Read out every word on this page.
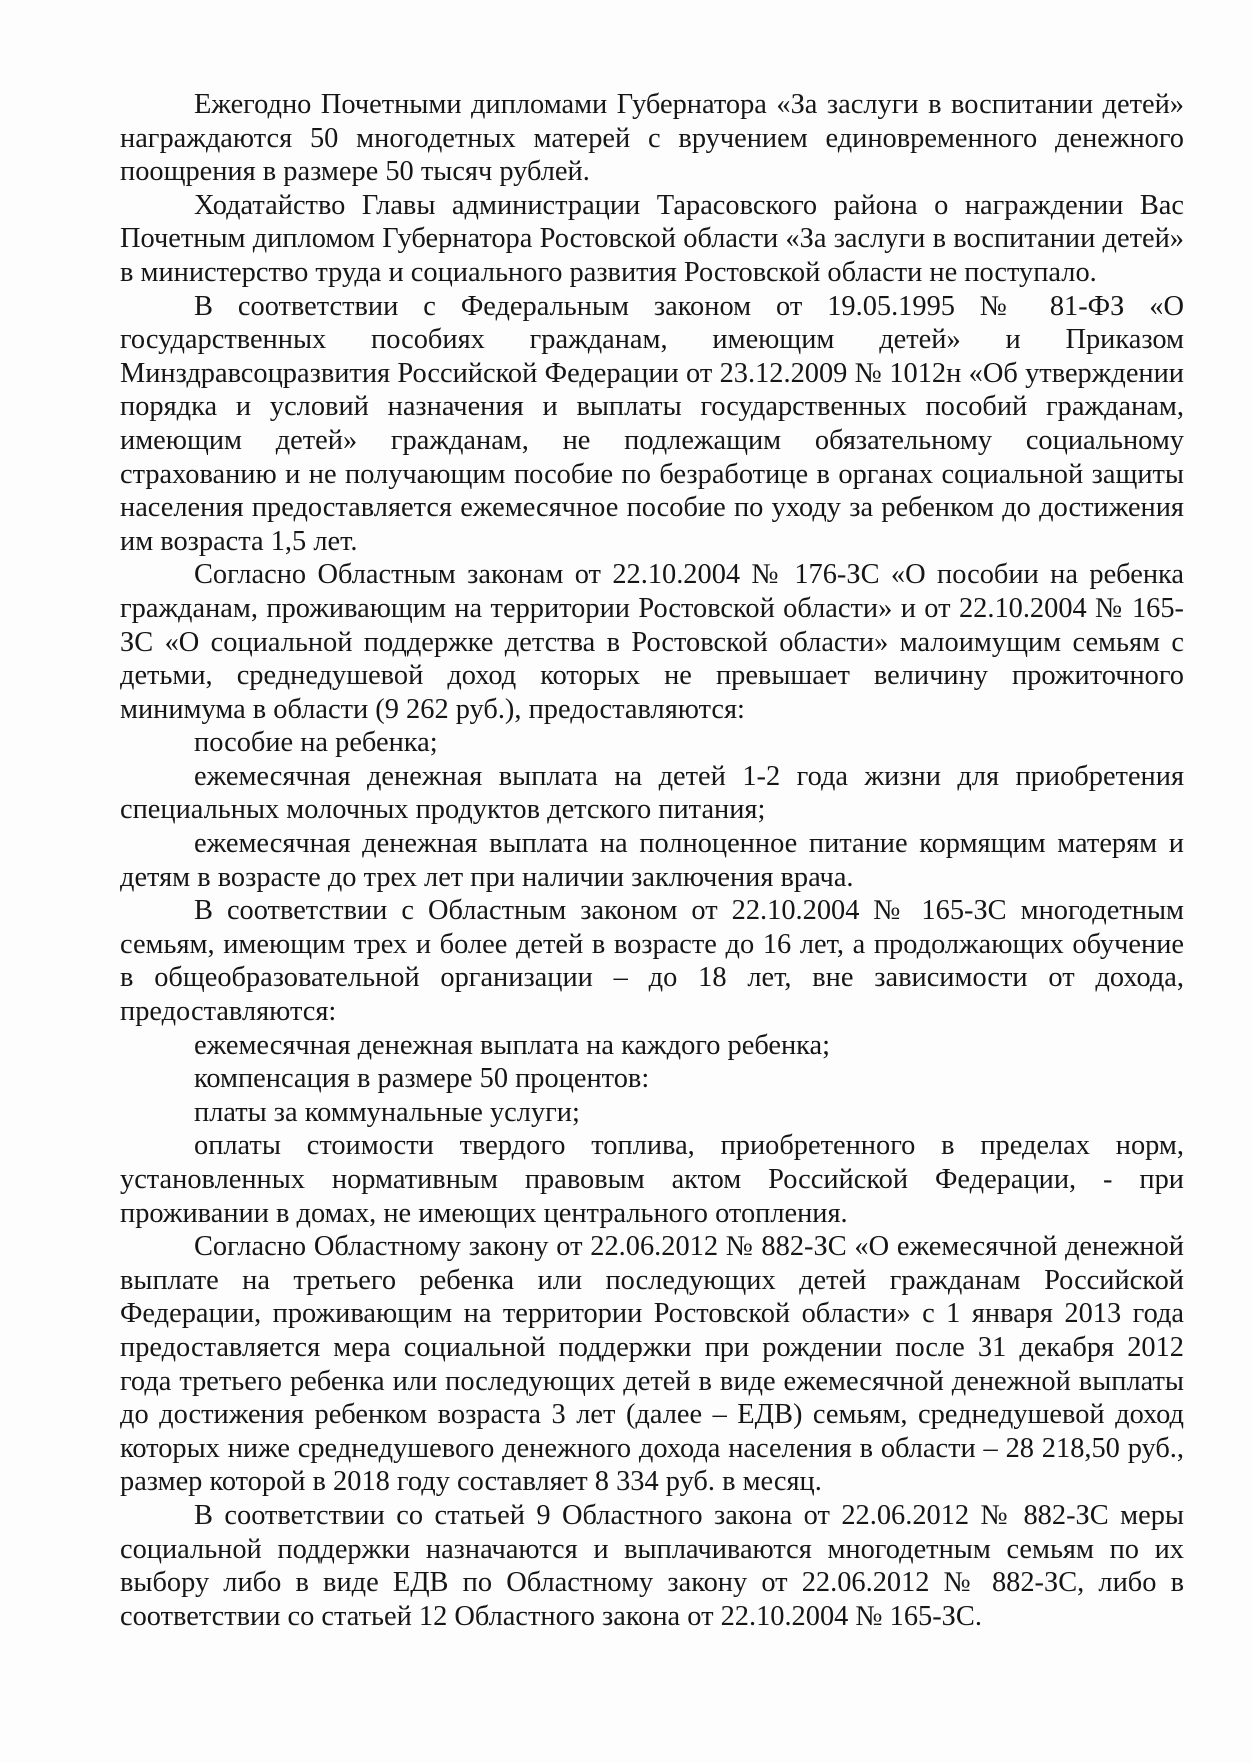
Ежегодно Почетными дипломами Губернатора «За заслуги в воспитании детей» награждаются 50 многодетных матерей с вручением единовременного денежного поощрения в размере 50 тысяч рублей.

Ходатайство Главы администрации Тарасовского района о награждении Вас Почетным дипломом Губернатора Ростовской области «За заслуги в воспитании детей» в министерство труда и социального развития Ростовской области не поступало.

В соответствии с Федеральным законом от 19.05.1995 № 81-ФЗ «О государственных пособиях гражданам, имеющим детей» и Приказом Минздравсоцразвития Российской Федерации от 23.12.2009 № 1012н «Об утверждении порядка и условий назначения и выплаты государственных пособий гражданам, имеющим детей» гражданам, не подлежащим обязательному социальному страхованию и не получающим пособие по безработице в органах социальной защиты населения предоставляется ежемесячное пособие по уходу за ребенком до достижения им возраста 1,5 лет.

Согласно Областным законам от 22.10.2004 № 176-ЗС «О пособии на ребенка гражданам, проживающим на территории Ростовской области» и от 22.10.2004 № 165-ЗС «О социальной поддержке детства в Ростовской области» малоимущим семьям с детьми, среднедушевой доход которых не превышает величину прожиточного минимума в области (9 262 руб.), предоставляются:

пособие на ребенка;

ежемесячная денежная выплата на детей 1-2 года жизни для приобретения специальных молочных продуктов детского питания;

ежемесячная денежная выплата на полноценное питание кормящим матерям и детям в возрасте до трех лет при наличии заключения врача.

В соответствии с Областным законом от 22.10.2004 № 165-ЗС многодетным семьям, имеющим трех и более детей в возрасте до 16 лет, а продолжающих обучение в общеобразовательной организации – до 18 лет, вне зависимости от дохода, предоставляются:

ежемесячная денежная выплата на каждого ребенка;

компенсация в размере 50 процентов:

платы за коммунальные услуги;

оплаты стоимости твердого топлива, приобретенного в пределах норм, установленных нормативным правовым актом Российской Федерации, - при проживании в домах, не имеющих центрального отопления.

Согласно Областному закону от 22.06.2012 № 882-ЗС «О ежемесячной денежной выплате на третьего ребенка или последующих детей гражданам Российской Федерации, проживающим на территории Ростовской области» с 1 января 2013 года предоставляется мера социальной поддержки при рождении после 31 декабря 2012 года третьего ребенка или последующих детей в виде ежемесячной денежной выплаты до достижения ребенком возраста 3 лет (далее – ЕДВ) семьям, среднедушевой доход которых ниже среднедушевого денежного дохода населения в области – 28 218,50 руб., размер которой в 2018 году составляет 8 334 руб. в месяц.

В соответствии со статьей 9 Областного закона от 22.06.2012 № 882-ЗС меры социальной поддержки назначаются и выплачиваются многодетным семьям по их выбору либо в виде ЕДВ по Областному закону от 22.06.2012 № 882-ЗС, либо в соответствии со статьей 12 Областного закона от 22.10.2004 № 165-ЗС.
